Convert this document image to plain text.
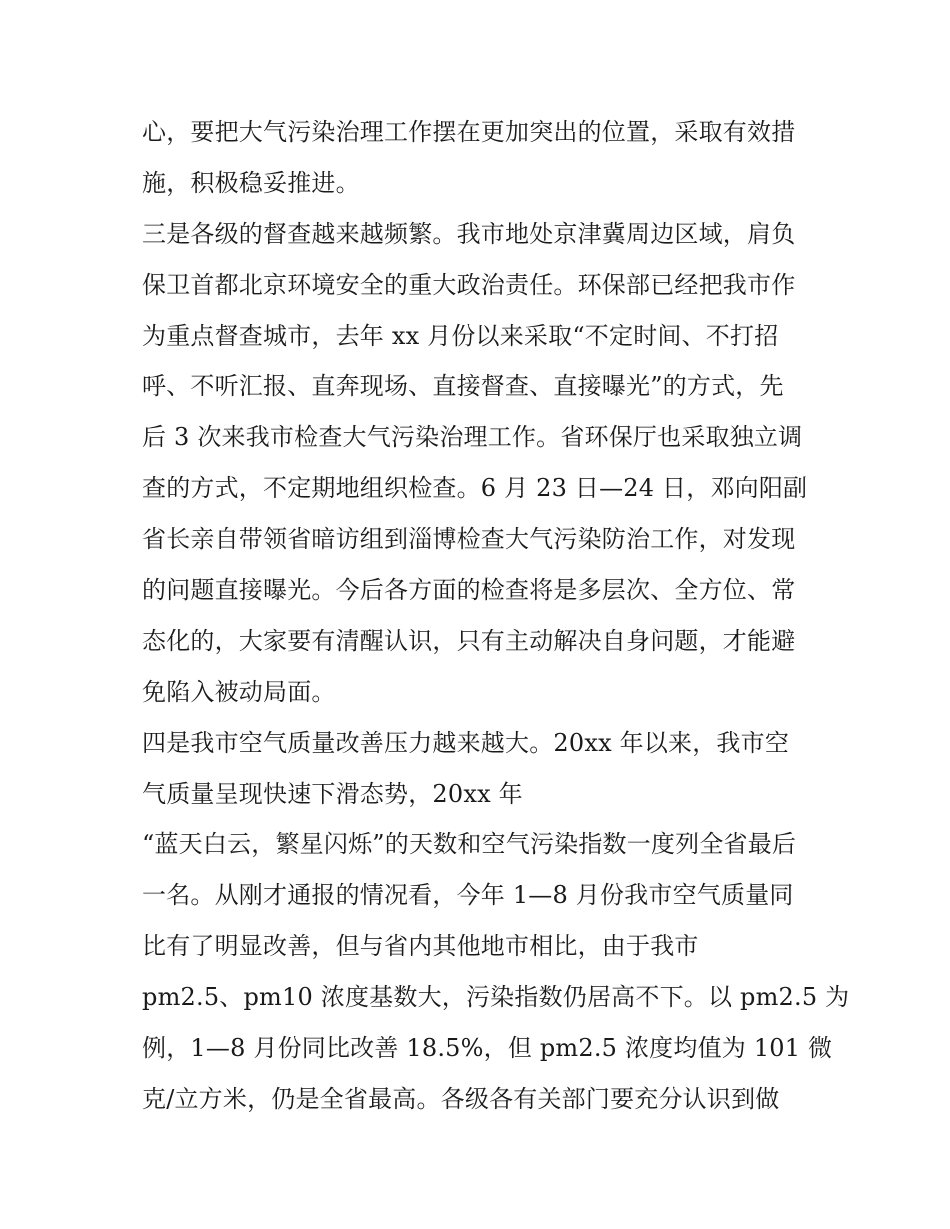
心，要把大气污染治理工作摆在更加突出的位置，采取有效措
施，积极稳妥推进。
三是各级的督查越来越频繁。我市地处京津冀周边区域，肩负
保卫首都北京环境安全的重大政治责任。环保部已经把我市作
为重点督查城市，去年 xx 月份以来采取“不定时间、不打招
呼、不听汇报、直奔现场、直接督查、直接曝光”的方式，先
后 3 次来我市检查大气污染治理工作。省环保厅也采取独立调
查的方式，不定期地组织检查。6 月 23 日—24 日，邓向阳副
省长亲自带领省暗访组到淄博检查大气污染防治工作，对发现
的问题直接曝光。今后各方面的检查将是多层次、全方位、常
态化的，大家要有清醒认识，只有主动解决自身问题，才能避
免陷入被动局面。
四是我市空气质量改善压力越来越大。20xx 年以来，我市空
气质量呈现快速下滑态势，20xx 年
“蓝天白云，繁星闪烁”的天数和空气污染指数一度列全省最后
一名。从刚才通报的情况看，今年 1—8 月份我市空气质量同
比有了明显改善，但与省内其他地市相比，由于我市
pm2.5、pm10 浓度基数大，污染指数仍居高不下。以 pm2.5 为
例，1—8 月份同比改善 18.5%，但 pm2.5 浓度均值为 101 微
克/立方米，仍是全省最高。各级各有关部门要充分认识到做
